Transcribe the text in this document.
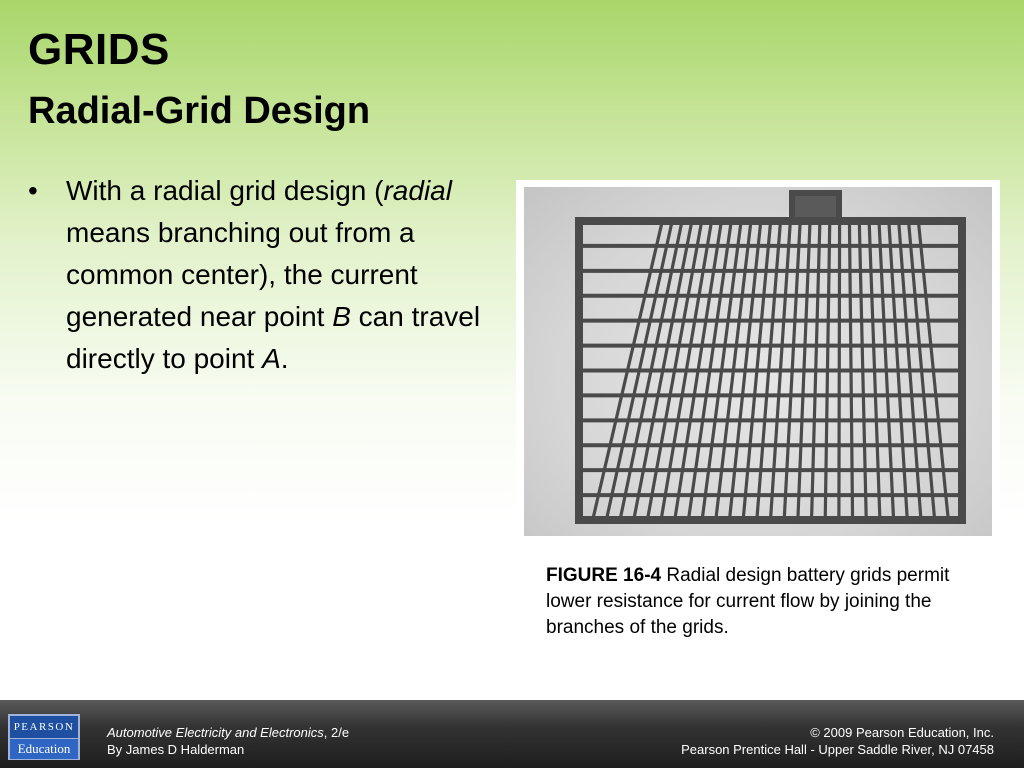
GRIDS
Radial-Grid Design
• With a radial grid design (radial means branching out from a common center), the current generated near point B can travel directly to point A.
FIGURE 16-4 Radial design battery grids permit lower resistance for current flow by joining the branches of the grids.
PEARSON
Education
Automotive Electricity and Electronics, 2/e
By James D Halderman
© 2009 Pearson Education, Inc.
Pearson Prentice Hall - Upper Saddle River, NJ 07458
